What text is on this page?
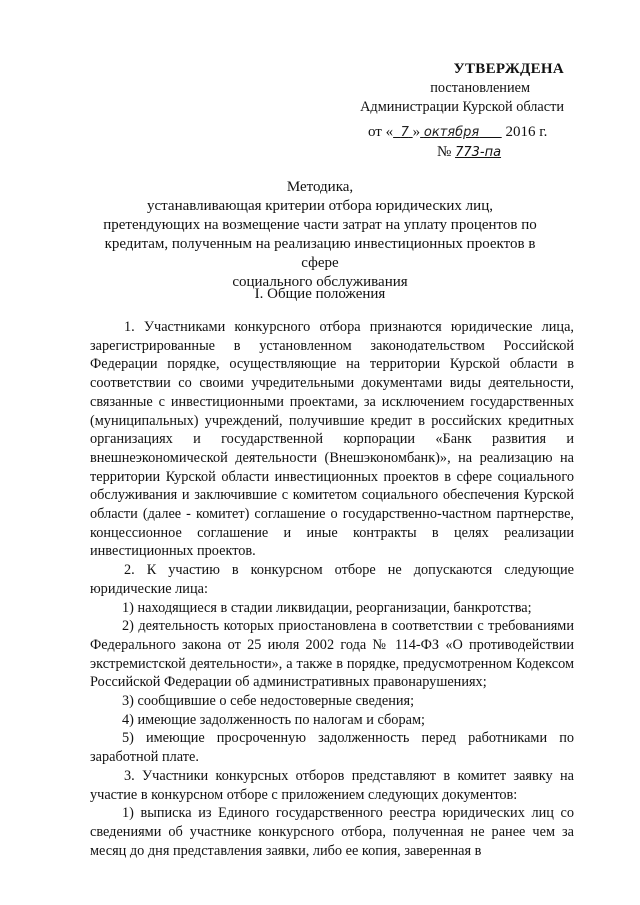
УТВЕРЖДЕНА
постановлением
Администрации Курской области
от « 7 » октября 2016 г.
№ 773-па
Методика,
устанавливающая критерии отбора юридических лиц,
претендующих на возмещение части затрат на уплату процентов по
кредитам, полученным на реализацию инвестиционных проектов в сфере
социального обслуживания
I. Общие положения

1. Участниками конкурсного отбора признаются юридические лица, зарегистрированные в установленном законодательством Российской Федерации порядке, осуществляющие на территории Курской области в соответствии со своими учредительными документами виды деятельности, связанные с инвестиционными проектами, за исключением государственных (муниципальных) учреждений, получившие кредит в российских кредитных организациях и государственной корпорации «Банк развития и внешнеэкономической деятельности (Внешэкономбанк)», на реализацию на территории Курской области инвестиционных проектов в сфере социального обслуживания и заключившие с комитетом социального обеспечения Курской области (далее - комитет) соглашение о государственно-частном партнерстве, концессионное соглашение и иные контракты в целях реализации инвестиционных проектов.

2. К участию в конкурсном отборе не допускаются следующие юридические лица:

1) находящиеся в стадии ликвидации, реорганизации, банкротства;

2) деятельность которых приостановлена в соответствии с требованиями Федерального закона от 25 июля 2002 года № 114-ФЗ «О противодействии экстремистской деятельности», а также в порядке, предусмотренном Кодексом Российской Федерации об административных правонарушениях;

3) сообщившие о себе недостоверные сведения;

4) имеющие задолженность по налогам и сборам;

5) имеющие просроченную задолженность перед работниками по заработной плате.

3. Участники конкурсных отборов представляют в комитет заявку на участие в конкурсном отборе с приложением следующих документов:

1) выписка из Единого государственного реестра юридических лиц со сведениями об участнике конкурсного отбора, полученная не ранее чем за месяц до дня представления заявки, либо ее копия, заверенная в
